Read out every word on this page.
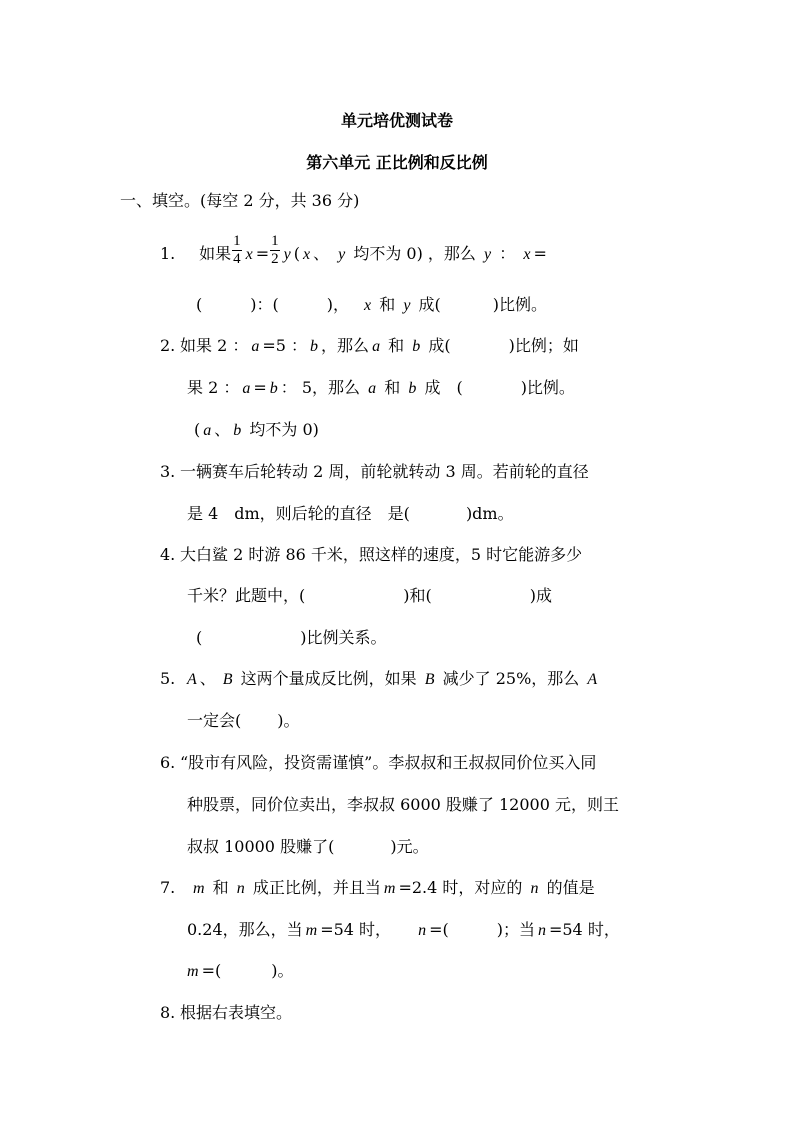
单元培优测试卷
第六单元 正比例和反比例
一、填空。(每空 2 分，共 36 分)
1. 如果 $\frac{1}{4}$ $x = \frac{1}{2}$ y ( x 、 y 均不为 0) ，那么 y ： x =
(	)：(	)， x 和 y 成(	)比例。
2. 如果 2 ： a =5 ： b ，那么 a 和 b 成(	)比例；如
果 2 ： a = b ： 5，那么 a 和 b 成　(	)比例。
( a 、 b 均不为 0)
3. 一辆赛车后轮转动 2 周，前轮就转动 3 周。若前轮的直径
是 4　dm，则后轮的直径　是(	)dm。
4. 大白鲨 2 时游 86 千米，照这样的速度，5 时它能游多少
千米？此题中，(	)和(	)成
(	)比例关系。
5. A 、 B 这两个量成反比例，如果 B 减少了 25%，那么 A
一定会( )。
6. “股市有风险，投资需谨慎”。李叔叔和王叔叔同价位买入同
种股票，同价位卖出，李叔叔 6000 股赚了 12000 元，则王
叔叔 10000 股赚了(	)元。
7. m 和 n 成正比例，并且当 m =2.4 时，对应的 n 的值是
0.24，那么，当 m =54 时， n =(	)；当 n =54 时，
m =(	)。
8. 根据右表填空。
